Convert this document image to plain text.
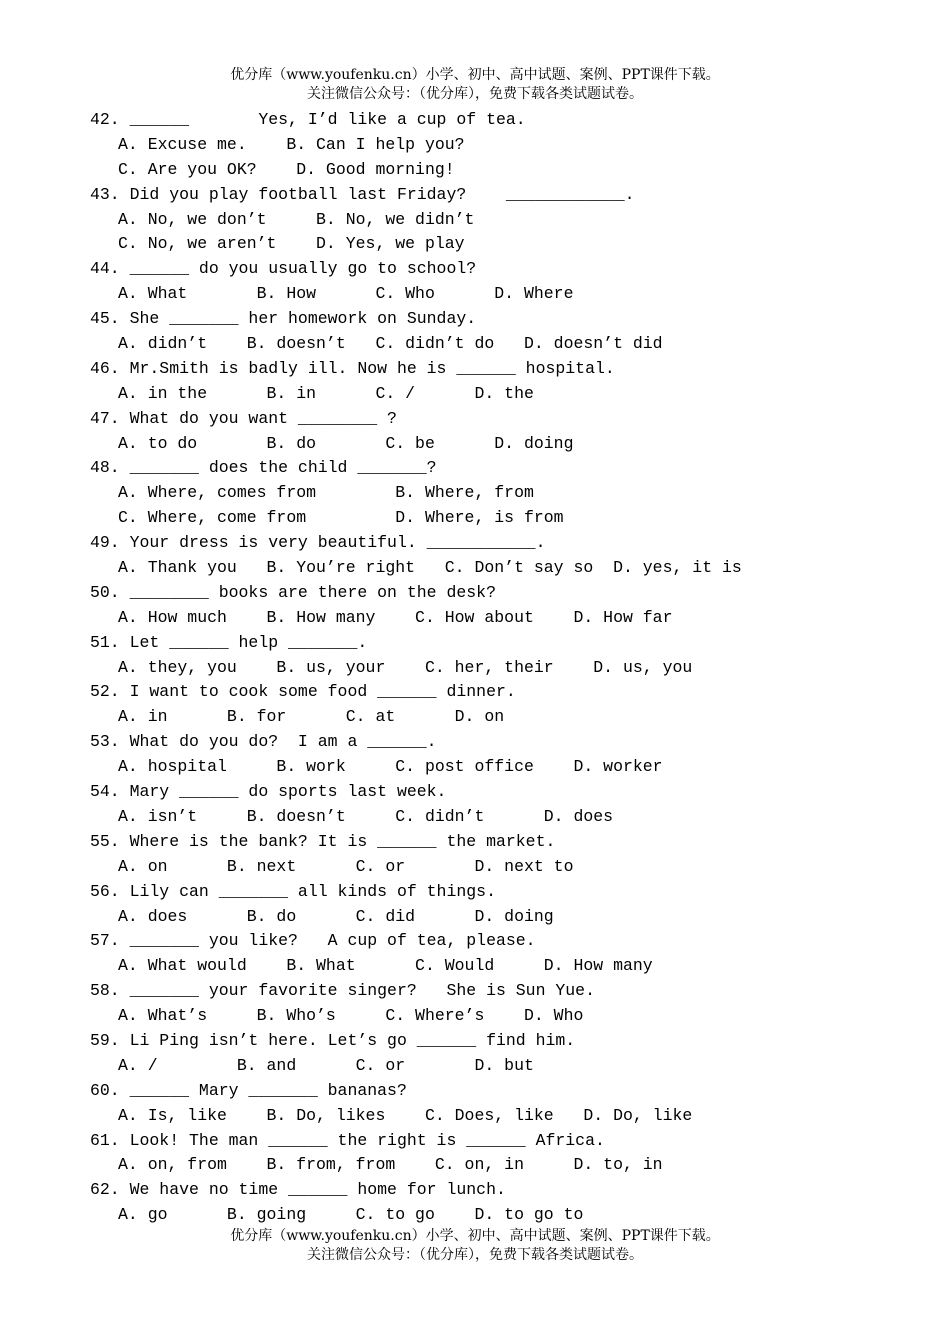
优分库（www.youfenku.cn）小学、初中、高中试题、案例、PPT课件下载。
关注微信公众号：（优分库），免费下载各类试题试卷。
42. ______       Yes, I’d like a cup of tea.
A. Excuse me.    B. Can I help you?
C. Are you OK?    D. Good morning!
43. Did you play football last Friday?    ____________.
A. No, we don’t     B. No, we didn’t
C. No, we aren’t    D. Yes, we play
44. ______ do you usually go to school?
A. What       B. How      C. Who      D. Where
45. She _______ her homework on Sunday.
A. didn’t    B. doesn’t   C. didn’t do   D. doesn’t did
46. Mr.Smith is badly ill. Now he is ______ hospital.
A. in the      B. in      C. /      D. the
47. What do you want ________ ?
A. to do       B. do       C. be      D. doing
48. _______ does the child _______?
A. Where, comes from        B. Where, from
C. Where, come from         D. Where, is from
49. Your dress is very beautiful. ___________.
A. Thank you   B. You’re right   C. Don’t say so  D. yes, it is
50. ________ books are there on the desk?
A. How much    B. How many    C. How about    D. How far
51. Let ______ help _______.
A. they, you    B. us, your    C. her, their    D. us, you
52. I want to cook some food ______ dinner.
A. in      B. for      C. at      D. on
53. What do you do?  I am a ______.
A. hospital     B. work     C. post office    D. worker
54. Mary ______ do sports last week.
A. isn’t     B. doesn’t     C. didn’t      D. does
55. Where is the bank? It is ______ the market.
A. on      B. next      C. or       D. next to
56. Lily can _______ all kinds of things.
A. does      B. do      C. did      D. doing
57. _______ you like?   A cup of tea, please.
A. What would    B. What      C. Would     D. How many
58. _______ your favorite singer?   She is Sun Yue.
A. What’s     B. Who’s     C. Where’s    D. Who
59. Li Ping isn’t here. Let’s go ______ find him.
A. /        B. and      C. or       D. but
60. ______ Mary _______ bananas?
A. Is, like    B. Do, likes    C. Does, like   D. Do, like
61. Look! The man ______ the right is ______ Africa.
A. on, from    B. from, from    C. on, in     D. to, in
62. We have no time ______ home for lunch.
A. go      B. going     C. to go    D. to go to
优分库（www.youfenku.cn）小学、初中、高中试题、案例、PPT课件下载。
关注微信公众号：（优分库），免费下载各类试题试卷。
